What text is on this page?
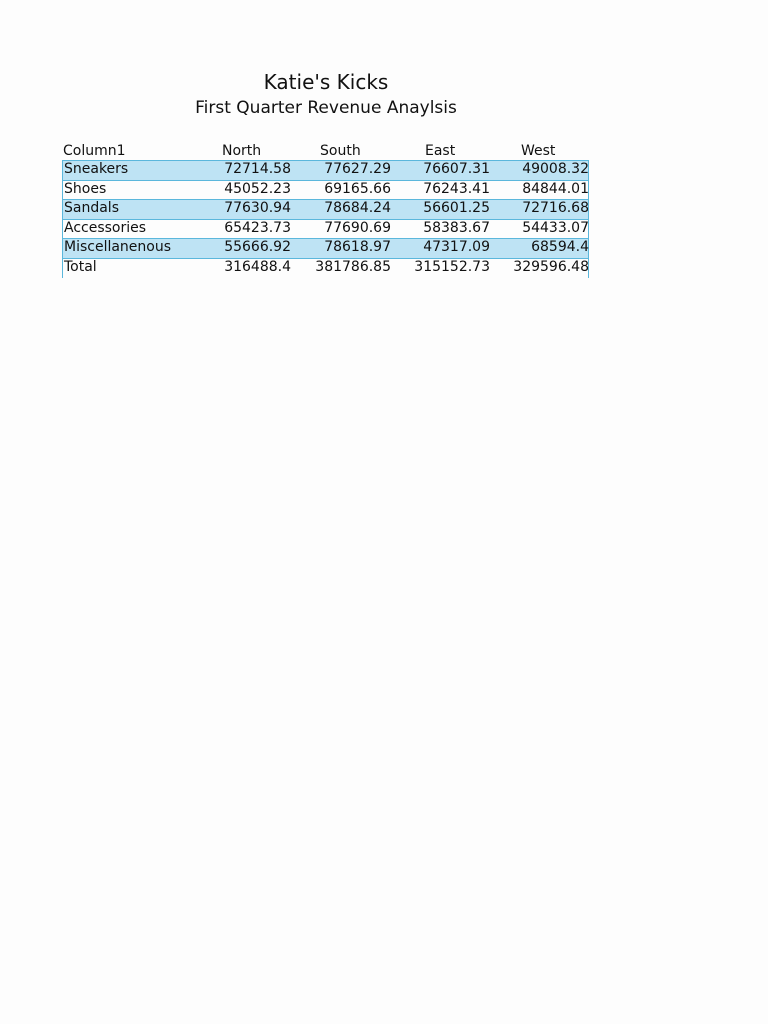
Katie's Kicks
First Quarter Revenue Anaylsis
Column1	North	South	East	West
Sneakers	72714.58	77627.29	76607.31	49008.32
Shoes	45052.23	69165.66	76243.41	84844.01
Sandals	77630.94	78684.24	56601.25	72716.68
Accessories	65423.73	77690.69	58383.67	54433.07
Miscellanenous	55666.92	78618.97	47317.09	68594.4
Total	316488.4	381786.85	315152.73	329596.48
